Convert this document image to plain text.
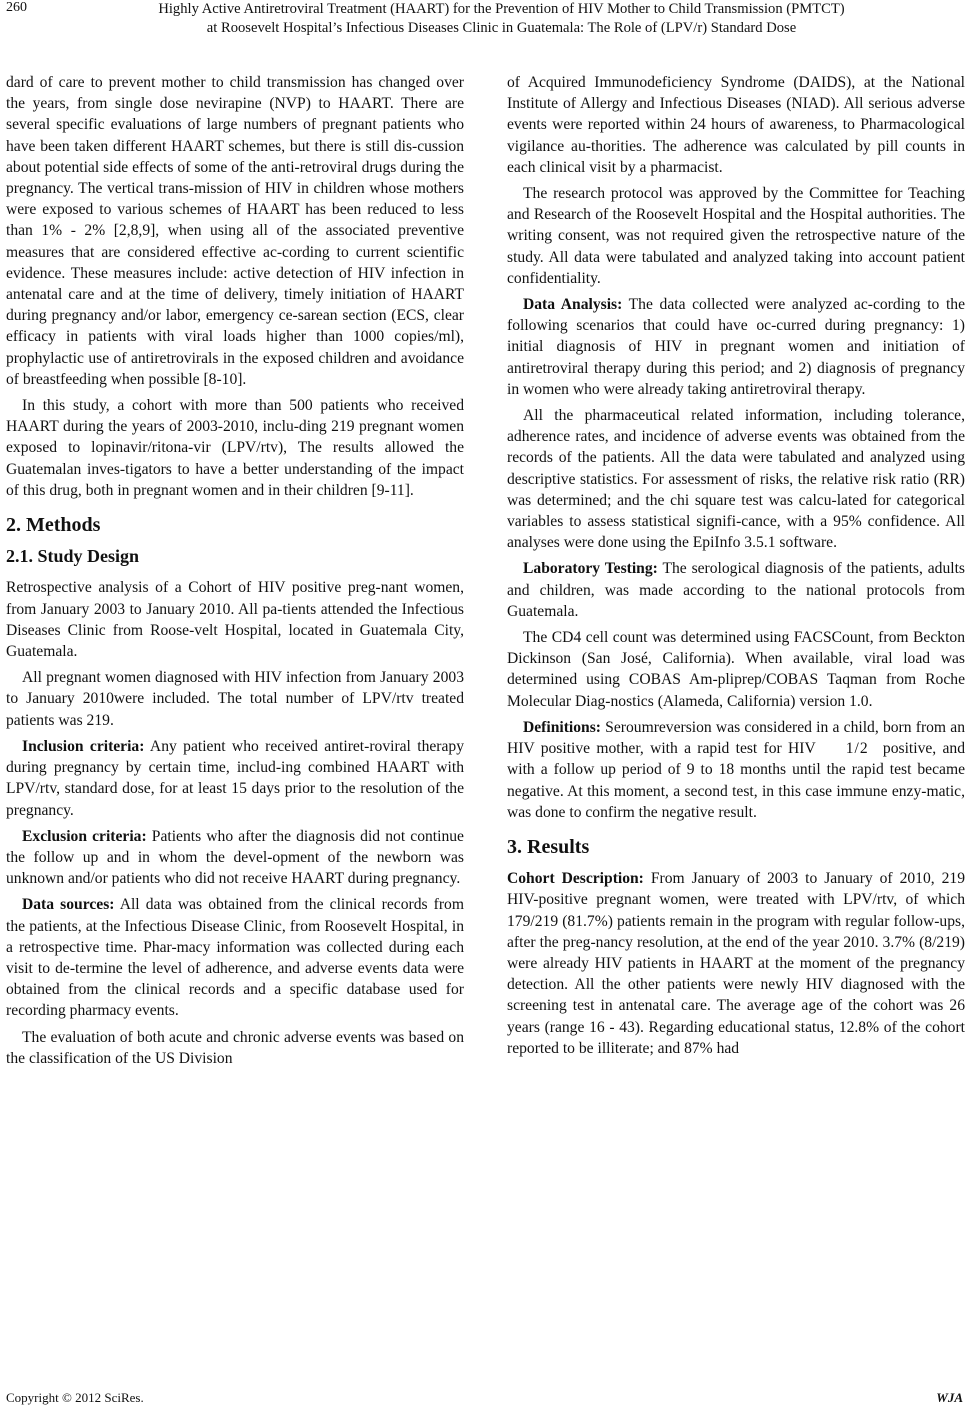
260	Highly Active Antiretroviral Treatment (HAART) for the Prevention of HIV Mother to Child Transmission (PMTCT)
at Roosevelt Hospital’s Infectious Diseases Clinic in Guatemala: The Role of (LPV/r) Standard Dose

dard of care to prevent mother to child transmission has changed over the years, from single dose nevirapine (NVP) to HAART. There are several specific evaluations of large numbers of pregnant patients who have been taken different HAART schemes, but there is still dis-cussion about potential side effects of some of the anti-retroviral drugs during the pregnancy. The vertical trans-mission of HIV in children whose mothers were exposed to various schemes of HAART has been reduced to less than 1% - 2% [2,8,9], when using all of the associated preventive measures that are considered effective ac-cording to current scientific evidence. These measures include: active detection of HIV infection in antenatal care and at the time of delivery, timely initiation of HAART during pregnancy and/or labor, emergency ce-sarean section (ECS, clear efficacy in patients with viral loads higher than 1000 copies/ml), prophylactic use of antiretrovirals in the exposed children and avoidance of breastfeeding when possible [8-10].

In this study, a cohort with more than 500 patients who received HAART during the years of 2003-2010, inclu-ding 219 pregnant women exposed to lopinavir/ritona-vir (LPV/rtv), The results allowed the Guatemalan inves-tigators to have a better understanding of the impact of this drug, both in pregnant women and in their children [9-11].

2. Methods
2.1. Study Design

Retrospective analysis of a Cohort of HIV positive preg-nant women, from January 2003 to January 2010. All pa-tients attended the Infectious Diseases Clinic from Roose-velt Hospital, located in Guatemala City, Guatemala.

All pregnant women diagnosed with HIV infection from January 2003 to January 2010were included. The total number of LPV/rtv treated patients was 219.

Inclusion criteria: Any patient who received antiret-roviral therapy during pregnancy by certain time, includ-ing combined HAART with LPV/rtv, standard dose, for at least 15 days prior to the resolution of the pregnancy.

Exclusion criteria: Patients who after the diagnosis did not continue the follow up and in whom the devel-opment of the newborn was unknown and/or patients who did not receive HAART during pregnancy.

Data sources: All data was obtained from the clinical records from the patients, at the Infectious Disease Clinic, from Roosevelt Hospital, in a retrospective time. Phar-macy information was collected during each visit to de-termine the level of adherence, and adverse events data were obtained from the clinical records and a specific database used for recording pharmacy events.

The evaluation of both acute and chronic adverse events was based on the classification of the US Division

of Acquired Immunodeficiency Syndrome (DAIDS), at the National Institute of Allergy and Infectious Diseases (NIAD). All serious adverse events were reported within 24 hours of awareness, to Pharmacological vigilance au-thorities. The adherence was calculated by pill counts in each clinical visit by a pharmacist.

The research protocol was approved by the Committee for Teaching and Research of the Roosevelt Hospital and the Hospital authorities. The writing consent, was not required given the retrospective nature of the study. All data were tabulated and analyzed taking into account patient confidentiality.

Data Analysis: The data collected were analyzed ac-cording to the following scenarios that could have oc-curred during pregnancy: 1) initial diagnosis of HIV in pregnant women and initiation of antiretroviral therapy during this period; and 2) diagnosis of pregnancy in women who were already taking antiretroviral therapy.

All the pharmaceutical related information, including tolerance, adherence rates, and incidence of adverse events was obtained from the records of the patients. All the data were tabulated and analyzed using descriptive statistics. For assessment of risks, the relative risk ratio (RR) was determined; and the chi square test was calcu-lated for categorical variables to assess statistical signifi-cance, with a 95% confidence. All analyses were done using the EpiInfo 3.5.1 software.

Laboratory Testing: The serological diagnosis of the patients, adults and children, was made according to the national protocols from Guatemala.

The CD4 cell count was determined using FACSCount, from Beckton Dickinson (San José, California). When available, viral load was determined using COBAS Am-pliprep/COBAS Taqman from Roche Molecular Diag-nostics (Alameda, California) version 1.0.

Definitions: Seroumreversion was considered in a child, born from an HIV positive mother, with a rapid test for HIV 1/2 positive, and with a follow up period of 9 to 18 months until the rapid test became negative. At this moment, a second test, in this case immune enzy-matic, was done to confirm the negative result.

3. Results

Cohort Description: From January of 2003 to January of 2010, 219 HIV-positive pregnant women, were treated with LPV/rtv, of which 179/219 (81.7%) patients remain in the program with regular follow-ups, after the preg-nancy resolution, at the end of the year 2010. 3.7% (8/219) were already HIV patients in HAART at the moment of the pregnancy detection. All the other patients were newly HIV diagnosed with the screening test in antenatal care. The average age of the cohort was 26 years (range 16 - 43). Regarding educational status, 12.8% of the cohort reported to be illiterate; and 87% had

Copyright © 2012 SciRes.	WJA
